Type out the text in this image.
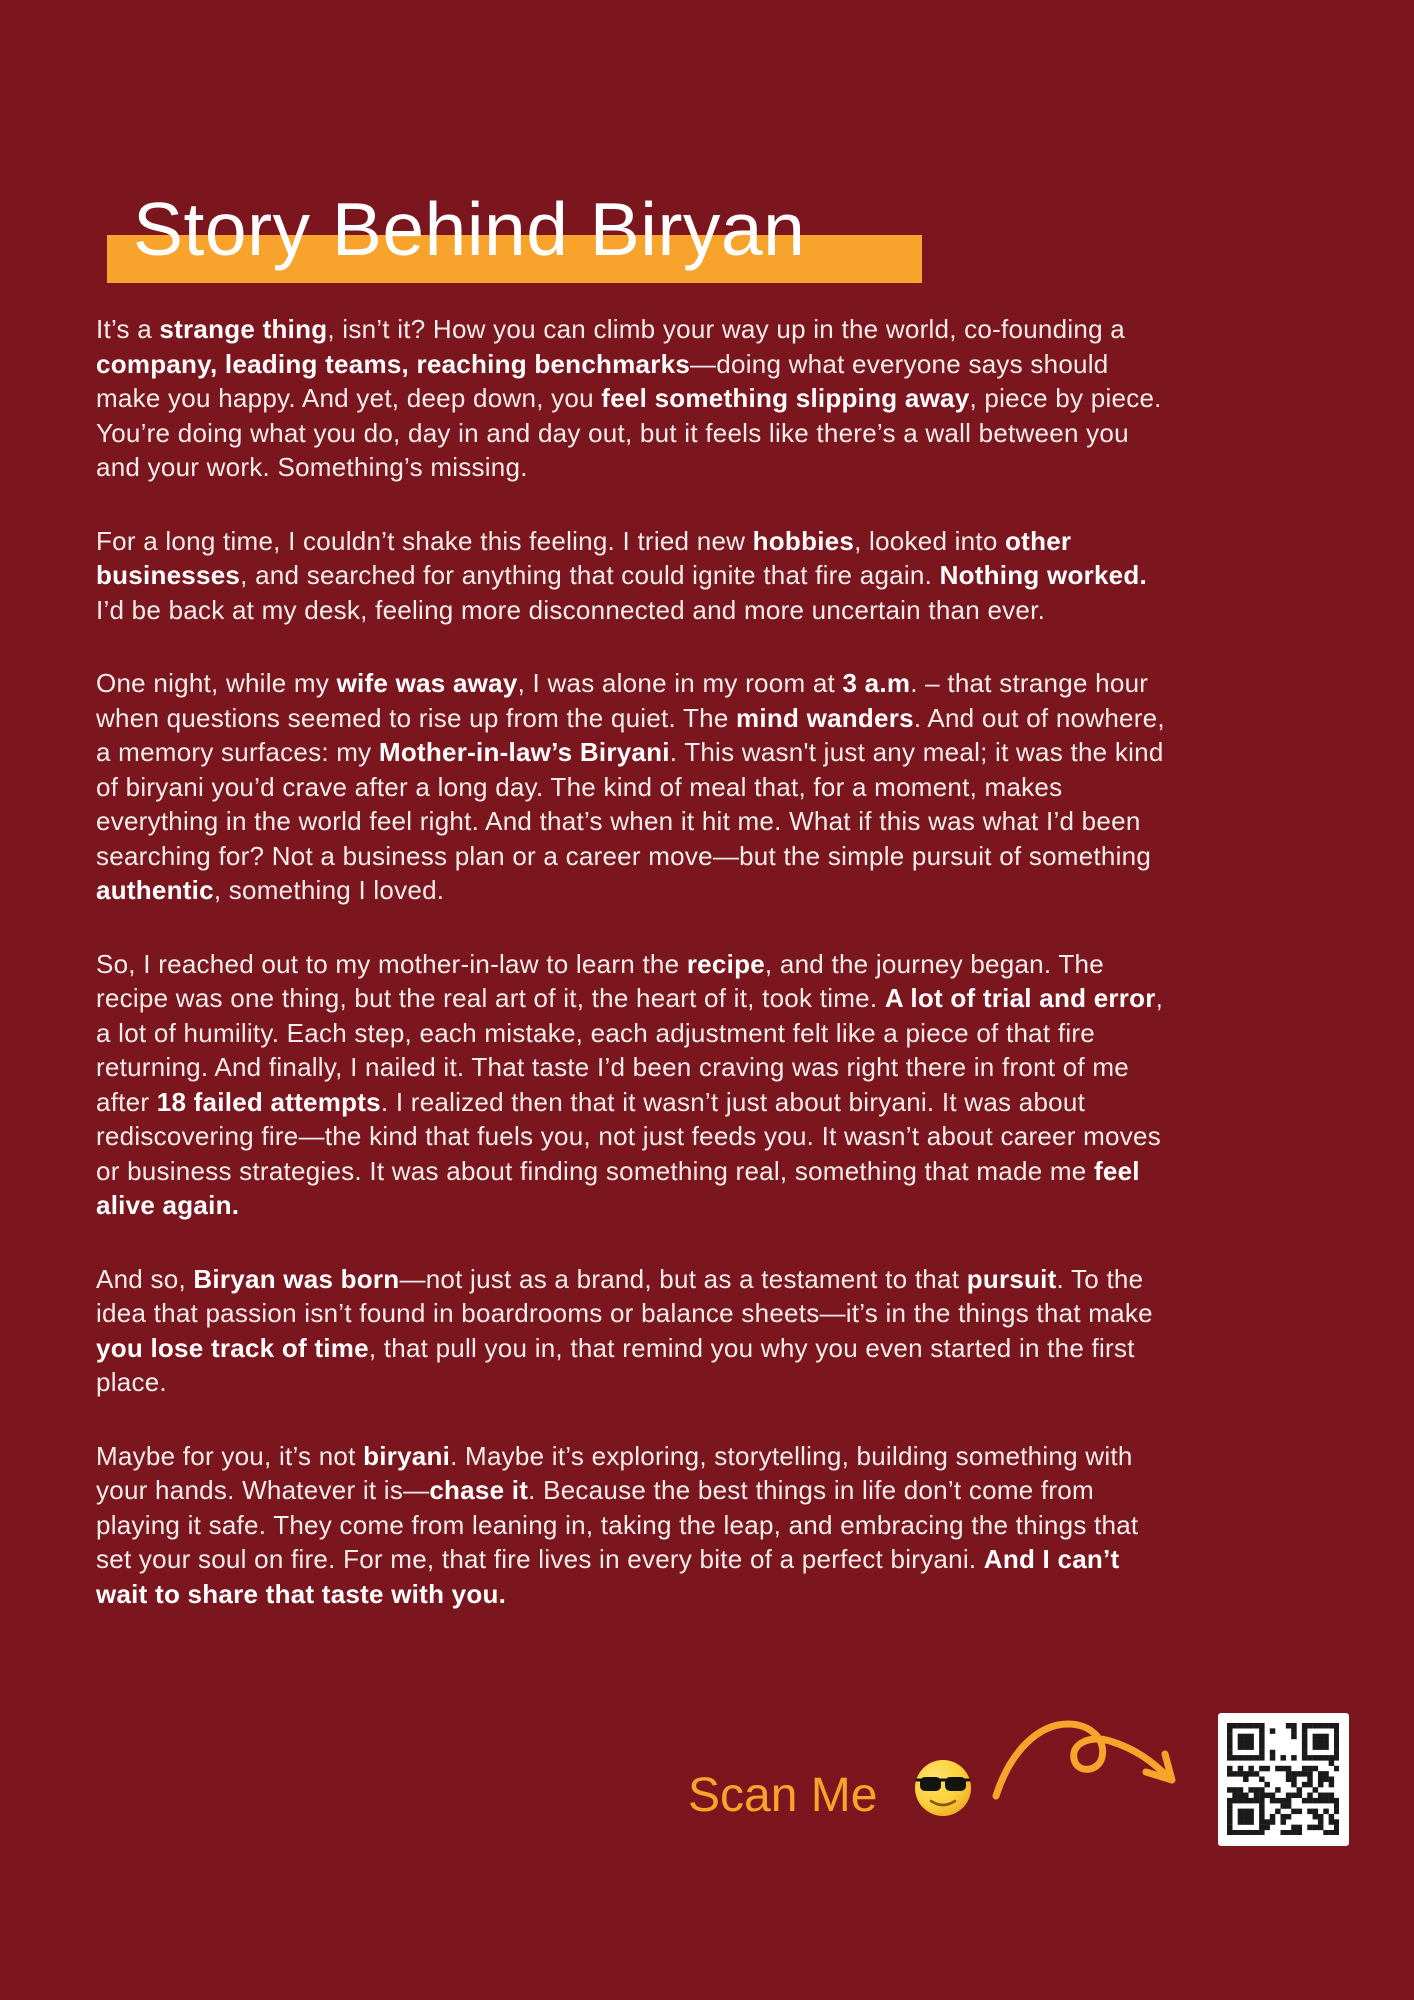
Story Behind Biryan

It’s a strange thing, isn’t it? How you can climb your way up in the world, co-founding a company, leading teams, reaching benchmarks—doing what everyone says should make you happy. And yet, deep down, you feel something slipping away, piece by piece. You’re doing what you do, day in and day out, but it feels like there’s a wall between you and your work. Something’s missing.

For a long time, I couldn’t shake this feeling. I tried new hobbies, looked into other businesses, and searched for anything that could ignite that fire again. Nothing worked. I’d be back at my desk, feeling more disconnected and more uncertain than ever.

One night, while my wife was away, I was alone in my room at 3 a.m. – that strange hour when questions seemed to rise up from the quiet. The mind wanders. And out of nowhere, a memory surfaces: my Mother-in-law’s Biryani. This wasn't just any meal; it was the kind of biryani you’d crave after a long day. The kind of meal that, for a moment, makes everything in the world feel right. And that’s when it hit me. What if this was what I’d been searching for? Not a business plan or a career move—but the simple pursuit of something authentic, something I loved.

So, I reached out to my mother-in-law to learn the recipe, and the journey began. The recipe was one thing, but the real art of it, the heart of it, took time. A lot of trial and error, a lot of humility. Each step, each mistake, each adjustment felt like a piece of that fire returning. And finally, I nailed it. That taste I’d been craving was right there in front of me after 18 failed attempts. I realized then that it wasn’t just about biryani. It was about rediscovering fire—the kind that fuels you, not just feeds you. It wasn’t about career moves or business strategies. It was about finding something real, something that made me feel alive again.

And so, Biryan was born—not just as a brand, but as a testament to that pursuit. To the idea that passion isn’t found in boardrooms or balance sheets—it’s in the things that make you lose track of time, that pull you in, that remind you why you even started in the first place.

Maybe for you, it’s not biryani. Maybe it’s exploring, storytelling, building something with your hands. Whatever it is—chase it. Because the best things in life don’t come from playing it safe. They come from leaning in, taking the leap, and embracing the things that set your soul on fire. For me, that fire lives in every bite of a perfect biryani. And I can’t wait to share that taste with you.

Scan Me
